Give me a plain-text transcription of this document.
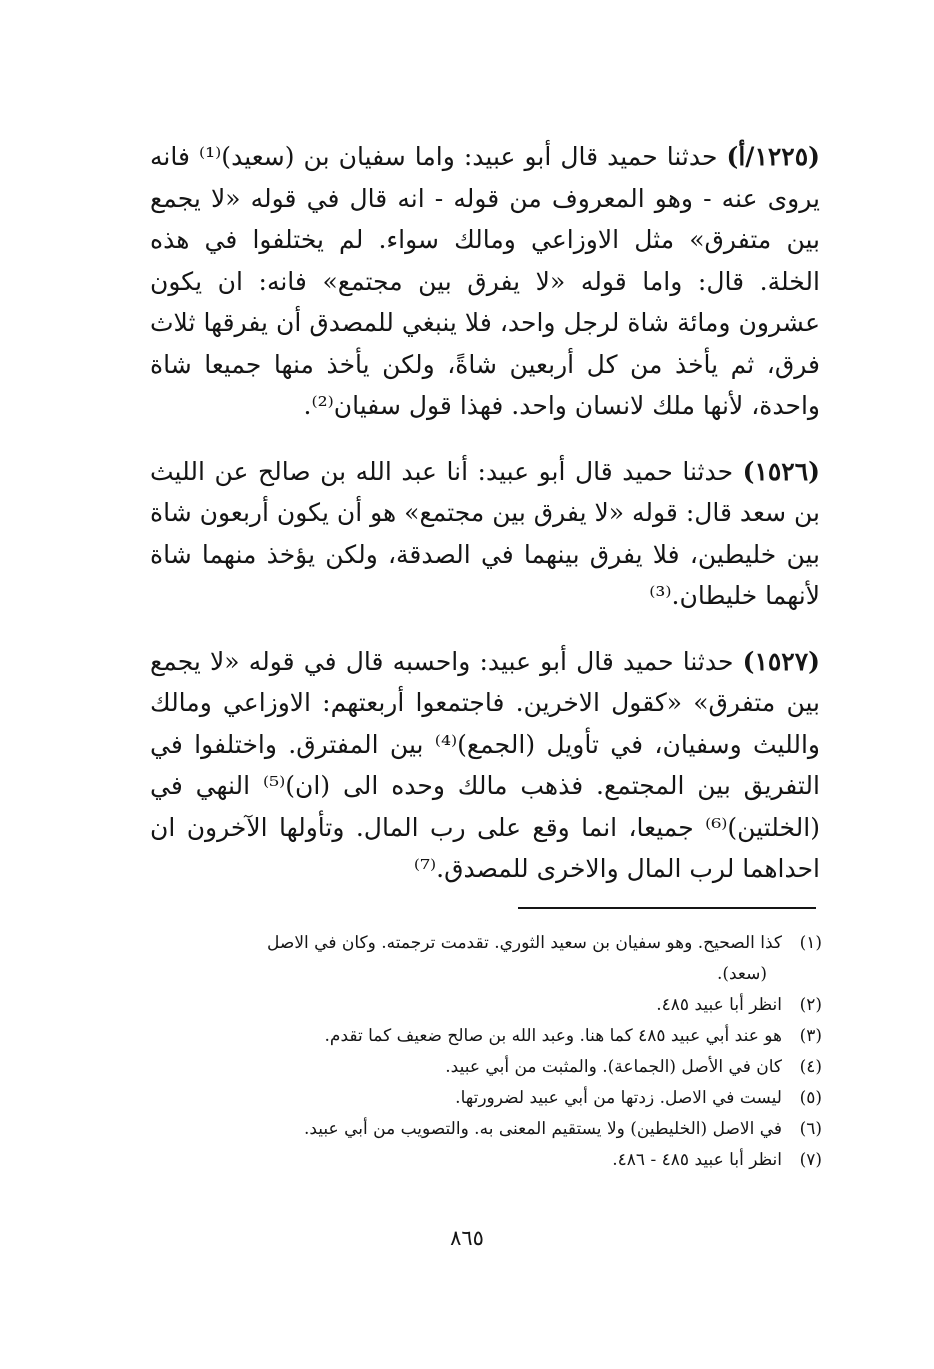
(١٢٢٥/أ) حدثنا حميد قال أبو عبيد: واما سفيان بن (سعيد)⁽¹⁾ فانه يروى عنه - وهو المعروف من قوله - انه قال في قوله «لا يجمع بين متفرق» مثل الاوزاعي ومالك سواء. لم يختلفوا في هذه الخلة. قال: واما قوله «لا يفرق بين مجتمع» فانه: ان يكون عشرون ومائة شاة لرجل واحد، فلا ينبغي للمصدق أن يفرقها ثلاث فرق، ثم يأخذ من كل أربعين شاةً، ولكن يأخذ منها جميعا شاة واحدة، لأنها ملك لانسان واحد. فهذا قول سفيان⁽²⁾.

(١٥٢٦) حدثنا حميد قال أبو عبيد: أنا عبد الله بن صالح عن الليث بن سعد قال: قوله «لا يفرق بين مجتمع» هو أن يكون أربعون شاة بين خليطين، فلا يفرق بينهما في الصدقة، ولكن يؤخذ منهما شاة لأنهما خليطان.⁽³⁾

(١٥٢٧) حدثنا حميد قال أبو عبيد: واحسبه قال في قوله «لا يجمع بين متفرق» «كقول الاخرين. فاجتمعوا أربعتهم: الاوزاعي ومالك والليث وسفيان، في تأويل (الجمع)⁽⁴⁾ بين المفترق. واختلفوا في التفريق بين المجتمع. فذهب مالك وحده الى (ان)⁽⁵⁾ النهي في (الخلتين)⁽⁶⁾ جميعا، انما وقع على رب المال. وتأولها الآخرون ان احداهما لرب المال والاخرى للمصدق.⁽⁷⁾

(١)
كذا الصحيح. وهو سفيان بن سعيد الثوري. تقدمت ترجمته. وكان في الاصل
(سعد).
(٢)
انظر أبا عبيد ٤٨٥.
(٣)
هو عند أبي عبيد ٤٨٥ كما هنا. وعبد الله بن صالح ضعيف كما تقدم.
(٤)
كان في الأصل (الجماعة). والمثبت من أبي عبيد.
(٥)
ليست في الاصل. زدتها من أبي عبيد لضرورتها.
(٦)
في الاصل (الخليطين) ولا يستقيم المعنى به. والتصويب من أبي عبيد.
(٧)
انظر أبا عبيد ٤٨٥ - ٤٨٦.
٨٦٥
